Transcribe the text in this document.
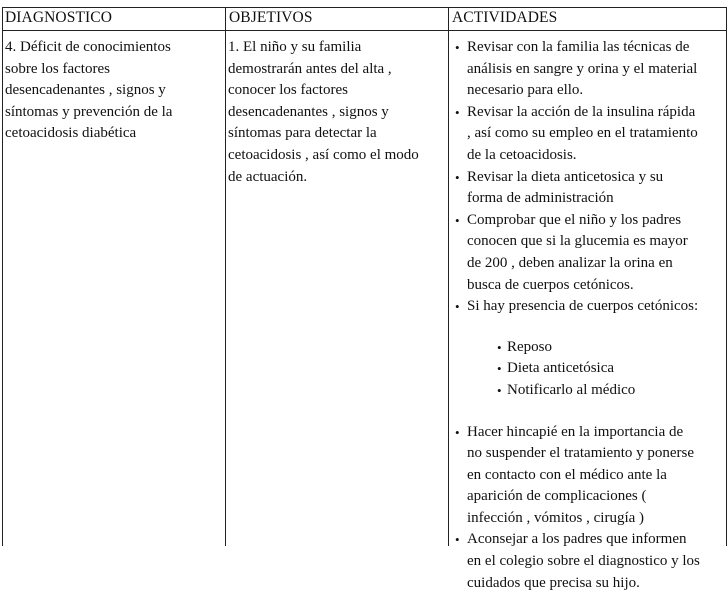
DIAGNOSTICO	OBJETIVOS	ACTIVIDADES
4. Déficit de conocimientos
sobre los factores
desencadenantes , signos y
síntomas y prevención de la
cetoacidosis diabética
1. El niño y su familia
demostrarán antes del alta ,
conocer los factores
desencadenantes , signos y
síntomas para detectar la
cetoacidosis , así como el modo
de actuación.
• Revisar con la familia las técnicas de
análisis en sangre y orina y el material
necesario para ello.
• Revisar la acción de la insulina rápida
, así como su empleo en el tratamiento
de la cetoacidosis.
• Revisar la dieta anticetosica y su
forma de administración
• Comprobar que el niño y los padres
conocen que si la glucemia es mayor
de 200 , deben analizar la orina en
busca de cuerpos cetónicos.
• Si hay presencia de cuerpos cetónicos:
• Reposo
• Dieta anticetósica
• Notificarlo al médico
• Hacer hincapié en la importancia de
no suspender el tratamiento y ponerse
en contacto con el médico ante la
aparición de complicaciones (
infección , vómitos , cirugía )
• Aconsejar a los padres que informen
en el colegio sobre el diagnostico y los
cuidados que precisa su hijo.
